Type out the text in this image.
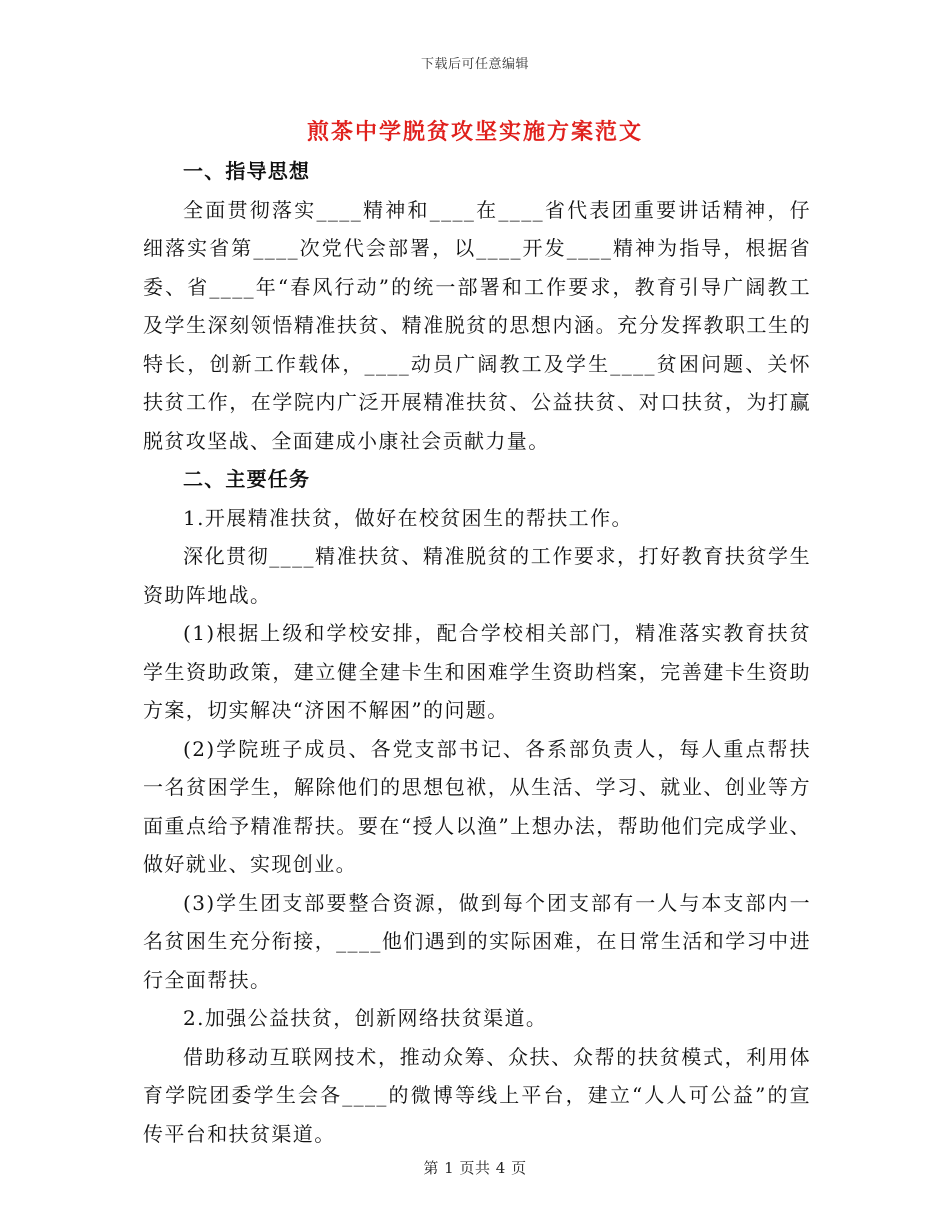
下载后可任意编辑
煎茶中学脱贫攻坚实施方案范文

一、指导思想

全面贯彻落实____精神和____在____省代表团重要讲话精神，仔细落实省第____次党代会部署，以____开发____精神为指导，根据省委、省____年“春风行动”的统一部署和工作要求，教育引导广阔教工及学生深刻领悟精准扶贫、精准脱贫的思想内涵。充分发挥教职工生的特长，创新工作载体，____动员广阔教工及学生____贫困问题、关怀扶贫工作，在学院内广泛开展精准扶贫、公益扶贫、对口扶贫，为打赢脱贫攻坚战、全面建成小康社会贡献力量。

二、主要任务

1.开展精准扶贫，做好在校贫困生的帮扶工作。

深化贯彻____精准扶贫、精准脱贫的工作要求，打好教育扶贫学生资助阵地战。

(1)根据上级和学校安排，配合学校相关部门，精准落实教育扶贫学生资助政策，建立健全建卡生和困难学生资助档案，完善建卡生资助方案，切实解决“济困不解困”的问题。

(2)学院班子成员、各党支部书记、各系部负责人，每人重点帮扶一名贫困学生，解除他们的思想包袱，从生活、学习、就业、创业等方面重点给予精准帮扶。要在“授人以渔”上想办法，帮助他们完成学业、做好就业、实现创业。

(3)学生团支部要整合资源，做到每个团支部有一人与本支部内一名贫困生充分衔接，____他们遇到的实际困难，在日常生活和学习中进行全面帮扶。

2.加强公益扶贫，创新网络扶贫渠道。

借助移动互联网技术，推动众筹、众扶、众帮的扶贫模式，利用体育学院团委学生会各____的微博等线上平台，建立“人人可公益”的宣传平台和扶贫渠道。

第 1 页共 4 页
